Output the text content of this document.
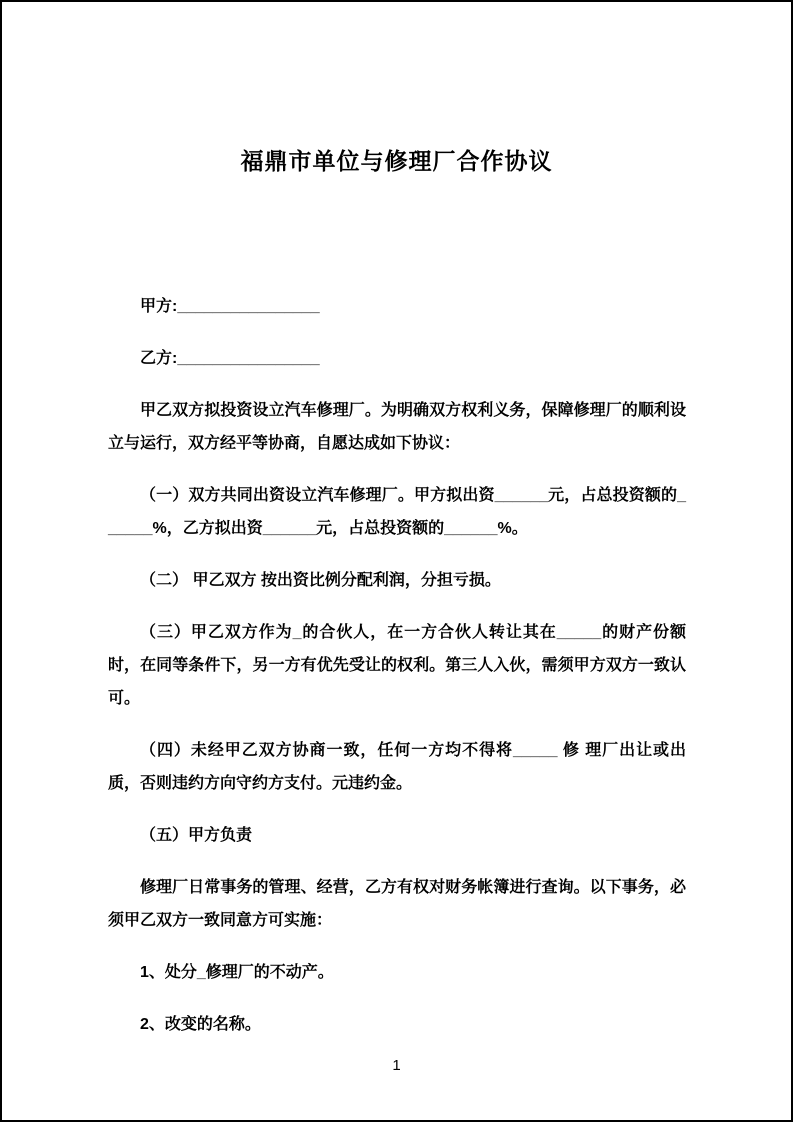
福鼎市单位与修理厂合作协议

甲方:________________

乙方:________________

甲乙双方拟投资设立汽车修理厂。为明确双方权利义务，保障修理厂的顺利设立与运行，双方经平等协商，自愿达成如下协议：

（一）双方共同出资设立汽车修理厂。甲方拟出资______元，占总投资额的______%，乙方拟出资______元，占总投资额的______%。

（二） 甲乙双方 按出资比例分配利润，分担亏损。

（三）甲乙双方作为_的合伙人，在一方合伙人转让其在_____的财产份额时，在同等条件下，另一方有优先受让的权利。第三人入伙，需须甲方双方一致认可。

（四）未经甲乙双方协商一致，任何一方均不得将_____ 修 理厂出让或出质，否则违约方向守约方支付。元违约金。

（五）甲方负责

修理厂日常事务的管理、经营，乙方有权对财务帐簿进行查询。以下事务，必须甲乙双方一致同意方可实施：

1、处分_修理厂的不动产。

2、改变的名称。

1
